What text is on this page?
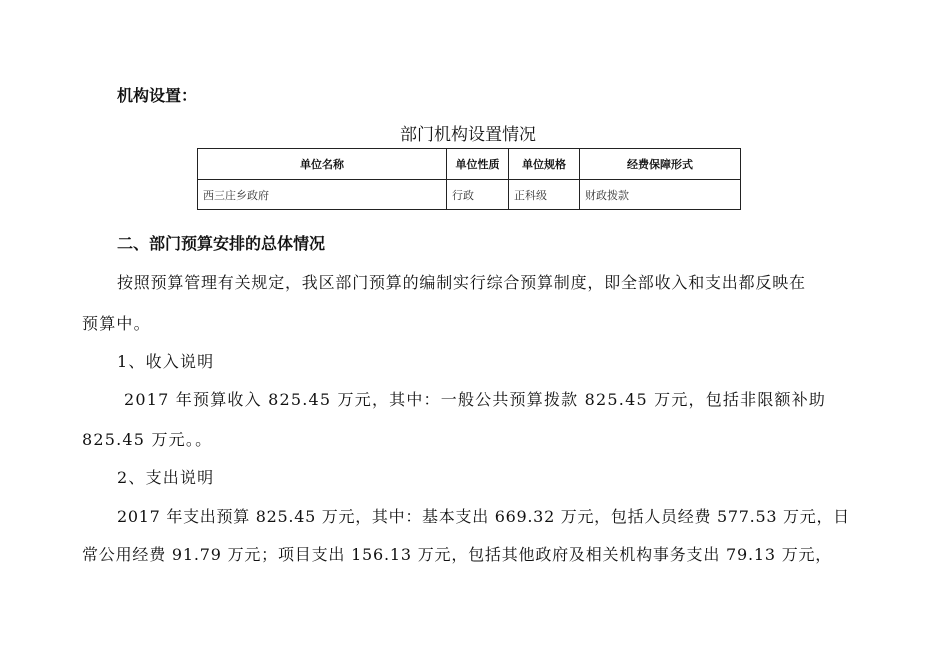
机构设置：
部门机构设置情况
单位名称	单位性质	单位规格	经费保障形式
西三庄乡政府	行政	正科级	财政拨款
二、部门预算安排的总体情况
按照预算管理有关规定，我区部门预算的编制实行综合预算制度，即全部收入和支出都反映在
预算中。
1、收入说明
2017 年预算收入 825.45 万元，其中：一般公共预算拨款 825.45 万元，包括非限额补助
825.45 万元。。
2、支出说明
2017 年支出预算 825.45 万元，其中：基本支出 669.32 万元，包括人员经费 577.53 万元，日
常公用经费 91.79 万元；项目支出 156.13 万元，包括其他政府及相关机构事务支出 79.13 万元，
